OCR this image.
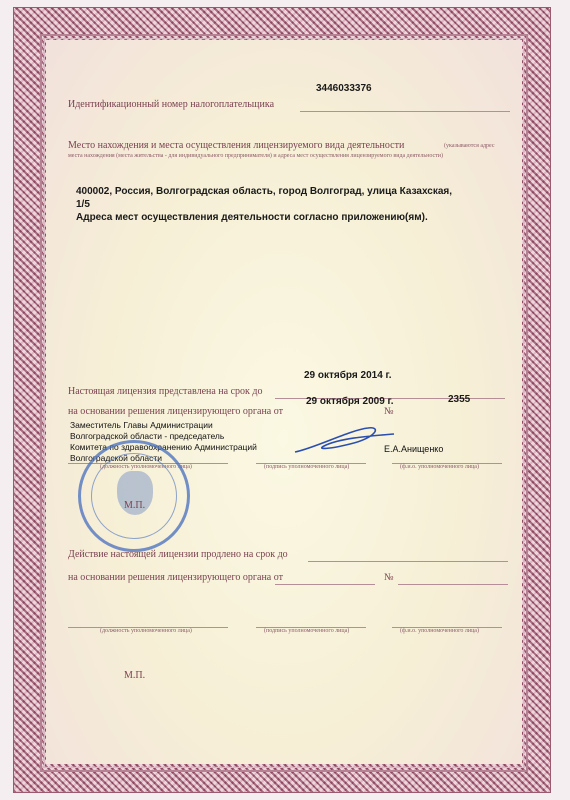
3446033376
Идентификационный номер налогоплательщика
Место нахождения и места осуществления лицензируемого вида деятельности	(указываются адрес
места нахождения (места жительства - для индивидуального предпринимателя) и адреса мест осуществления лицензируемого вида деятельности)
400002, Россия, Волгоградская область, город Волгоград, улица Казахская,
1/5
Адреса мест осуществления деятельности согласно приложению(ям).
29 октября 2014 г.
Настоящая лицензия представлена на срок до
29 октября 2009 г.	2355
на основании решения лицензирующего органа от	№
Заместитель Главы Администрации
Волгоградской области - председатель
Комитета по здравоохранению Администраций
Волгоградской области
Е.А.Анищенко
(должность уполномоченного лица)	(подпись уполномоченного лица)	(ф.и.о. уполномоченного лица)
М.П.
Действие настоящей лицензии продлено на срок до
на основании решения лицензирующего органа от	№
(должность уполномоченного лица)	(подпись уполномоченного лица)	(ф.и.о. уполномоченного лица)
М.П.
